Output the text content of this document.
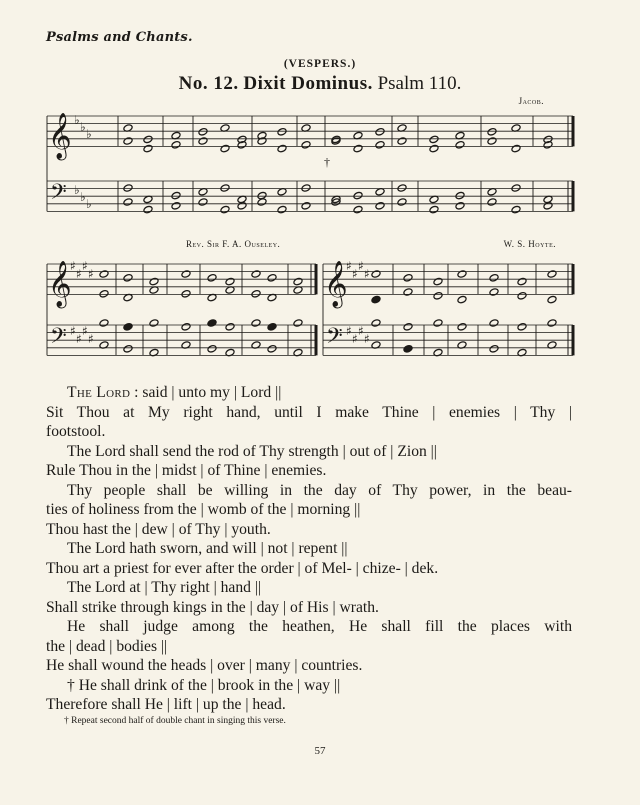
Psalms and Chants.
(VESPERS.)
No. 12. Dixit Dominus. Psalm 110.
Jacob.
Rev. Sir F. A. Ouseley.	W. S. Hoyte.
𝄞
𝄢
♭
♭
♭
♭
♭
♭
†
𝄞
𝄢
♯
♯
♯
♯
♯
♯
♯
♯
𝄞
𝄢
♯
♯
♯
♯
♯
♯
♯
♯
The Lord : said | unto my | Lord ||
Sit Thou at My right hand, until I make Thine | enemies | Thy |
footstool.
The Lord shall send the rod of Thy strength | out of | Zion ||
Rule Thou in the | midst | of Thine | enemies.
Thy people shall be willing in the day of Thy power, in the beau-
ties of holiness from the | womb of the | morning ||
Thou hast the | dew | of Thy | youth.
The Lord hath sworn, and will | not | repent ||
Thou art a priest for ever after the order | of Mel- | chize- | dek.
The Lord at | Thy right | hand ||
Shall strike through kings in the | day | of His | wrath.
He shall judge among the heathen, He shall fill the places with
the | dead | bodies ||
He shall wound the heads | over | many | countries.
† He shall drink of the | brook in the | way ||
Therefore shall He | lift | up the | head.
† Repeat second half of double chant in singing this verse.
57
